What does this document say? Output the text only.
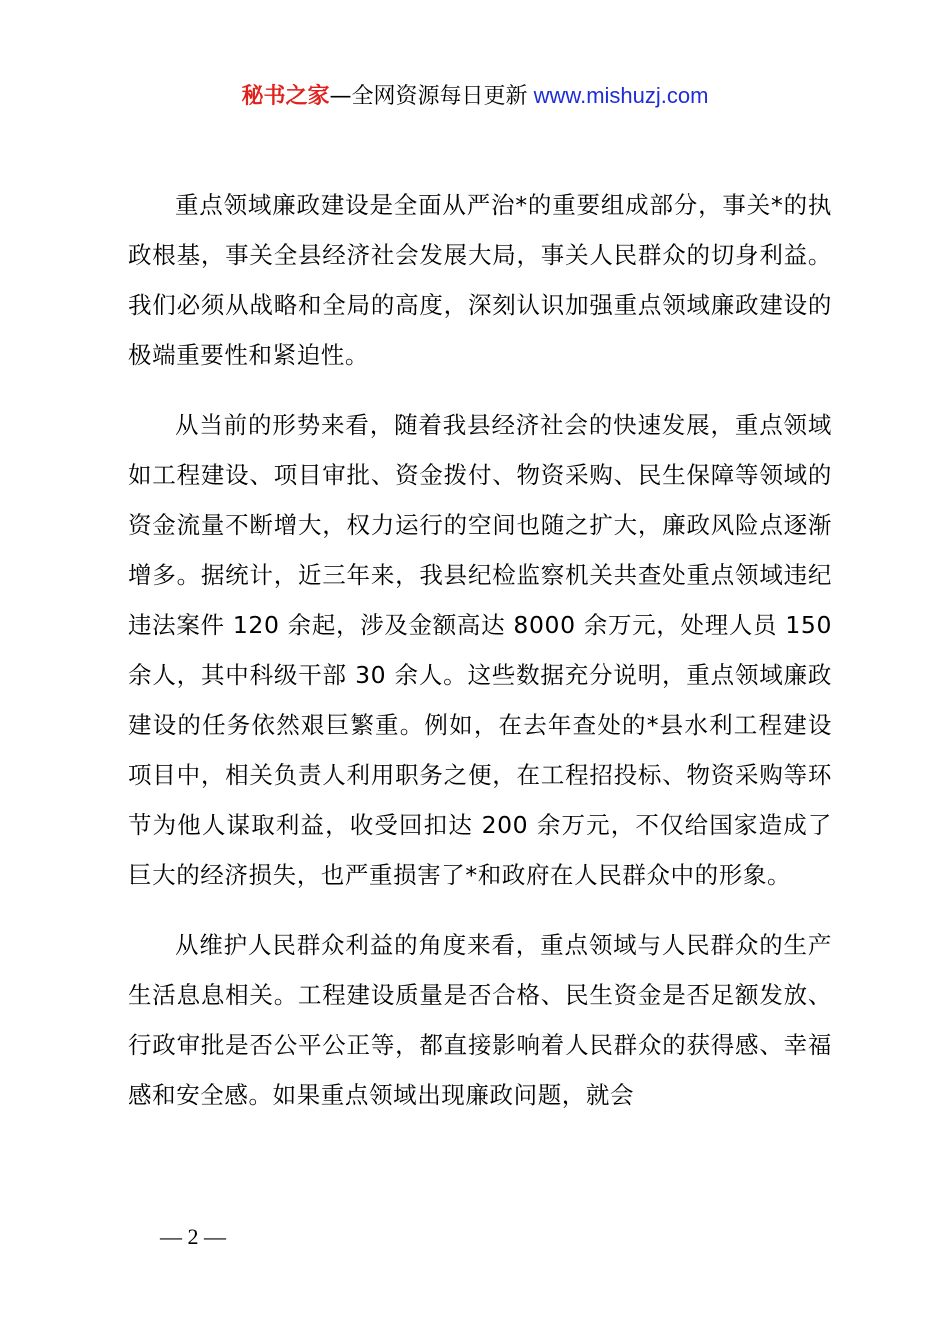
秘书之家—全网资源每日更新 www.mishuzj.com

重点领域廉政建设是全面从严治*的重要组成部分，事关*的执政根基，事关全县经济社会发展大局，事关人民群众的切身利益。我们必须从战略和全局的高度，深刻认识加强重点领域廉政建设的极端重要性和紧迫性。

从当前的形势来看，随着我县经济社会的快速发展，重点领域如工程建设、项目审批、资金拨付、物资采购、民生保障等领域的资金流量不断增大，权力运行的空间也随之扩大，廉政风险点逐渐增多。据统计，近三年来，我县纪检监察机关共查处重点领域违纪违法案件 120 余起，涉及金额高达 8000 余万元，处理人员 150 余人，其中科级干部 30 余人。这些数据充分说明，重点领域廉政建设的任务依然艰巨繁重。例如，在去年查处的*县水利工程建设项目中，相关负责人利用职务之便，在工程招投标、物资采购等环节为他人谋取利益，收受回扣达 200 余万元，不仅给国家造成了巨大的经济损失，也严重损害了*和政府在人民群众中的形象。

从维护人民群众利益的角度来看，重点领域与人民群众的生产生活息息相关。工程建设质量是否合格、民生资金是否足额发放、行政审批是否公平公正等，都直接影响着人民群众的获得感、幸福感和安全感。如果重点领域出现廉政问题，就会

— 2 —
